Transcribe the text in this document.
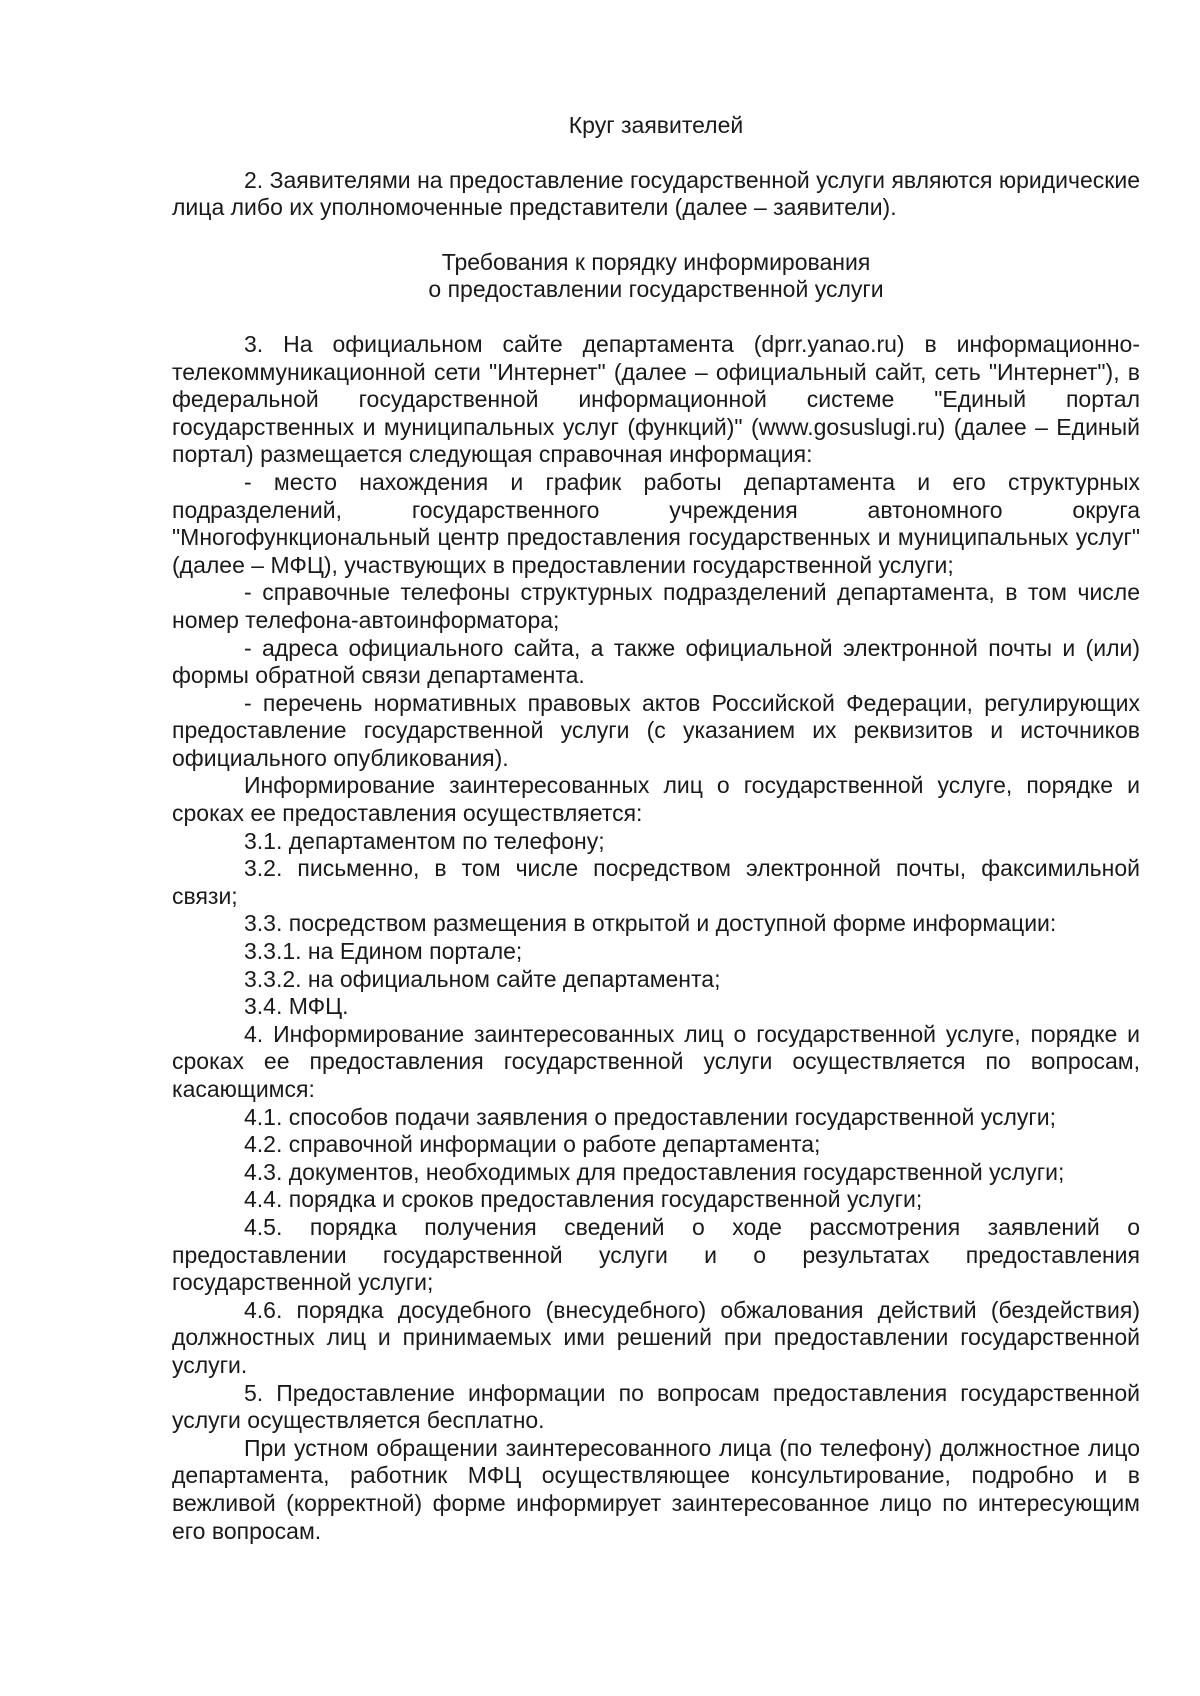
Круг заявителей

2. Заявителями на предоставление государственной услуги являются юридические лица либо их уполномоченные представители (далее – заявители).

Требования к порядку информирования

о предоставлении государственной услуги

3. На официальном сайте департамента (dprr.yanao.ru) в информационно-телекоммуникационной сети "Интернет" (далее – официальный сайт, сеть "Интернет"), в федеральной государственной информационной системе "Единый портал государственных и муниципальных услуг (функций)" (www.gosuslugi.ru) (далее – Единый портал) размещается следующая справочная информация:

- место нахождения и график работы департамента и его структурных подразделений, государственного учреждения автономного округа "Многофункциональный центр предоставления государственных и муниципальных услуг" (далее – МФЦ), участвующих в предоставлении государственной услуги;

- справочные телефоны структурных подразделений департамента, в том числе номер телефона-автоинформатора;

- адреса официального сайта, а также официальной электронной почты и (или) формы обратной связи департамента.

- перечень нормативных правовых актов Российской Федерации, регулирующих предоставление государственной услуги (с указанием их реквизитов и источников официального опубликования).

Информирование заинтересованных лиц о государственной услуге, порядке и сроках ее предоставления осуществляется:

3.1. департаментом по телефону;

3.2. письменно, в том числе посредством электронной почты, факсимильной связи;

3.3. посредством размещения в открытой и доступной форме информации:

3.3.1. на Едином портале;

3.3.2. на официальном сайте департамента;

3.4. МФЦ.

4. Информирование заинтересованных лиц о государственной услуге, порядке и сроках ее предоставления государственной услуги осуществляется по вопросам, касающимся:

4.1. способов подачи заявления о предоставлении государственной услуги;

4.2. справочной информации о работе департамента;

4.3. документов, необходимых для предоставления государственной услуги;

4.4. порядка и сроков предоставления государственной услуги;

4.5. порядка получения сведений о ходе рассмотрения заявлений о предоставлении государственной услуги и о результатах предоставления государственной услуги;

4.6. порядка досудебного (внесудебного) обжалования действий (бездействия) должностных лиц и принимаемых ими решений при предоставлении государственной услуги.

5. Предоставление информации по вопросам предоставления государственной услуги осуществляется бесплатно.

При устном обращении заинтересованного лица (по телефону) должностное лицо департамента, работник МФЦ осуществляющее консультирование, подробно и в вежливой (корректной) форме информирует заинтересованное лицо по интересующим его вопросам.
